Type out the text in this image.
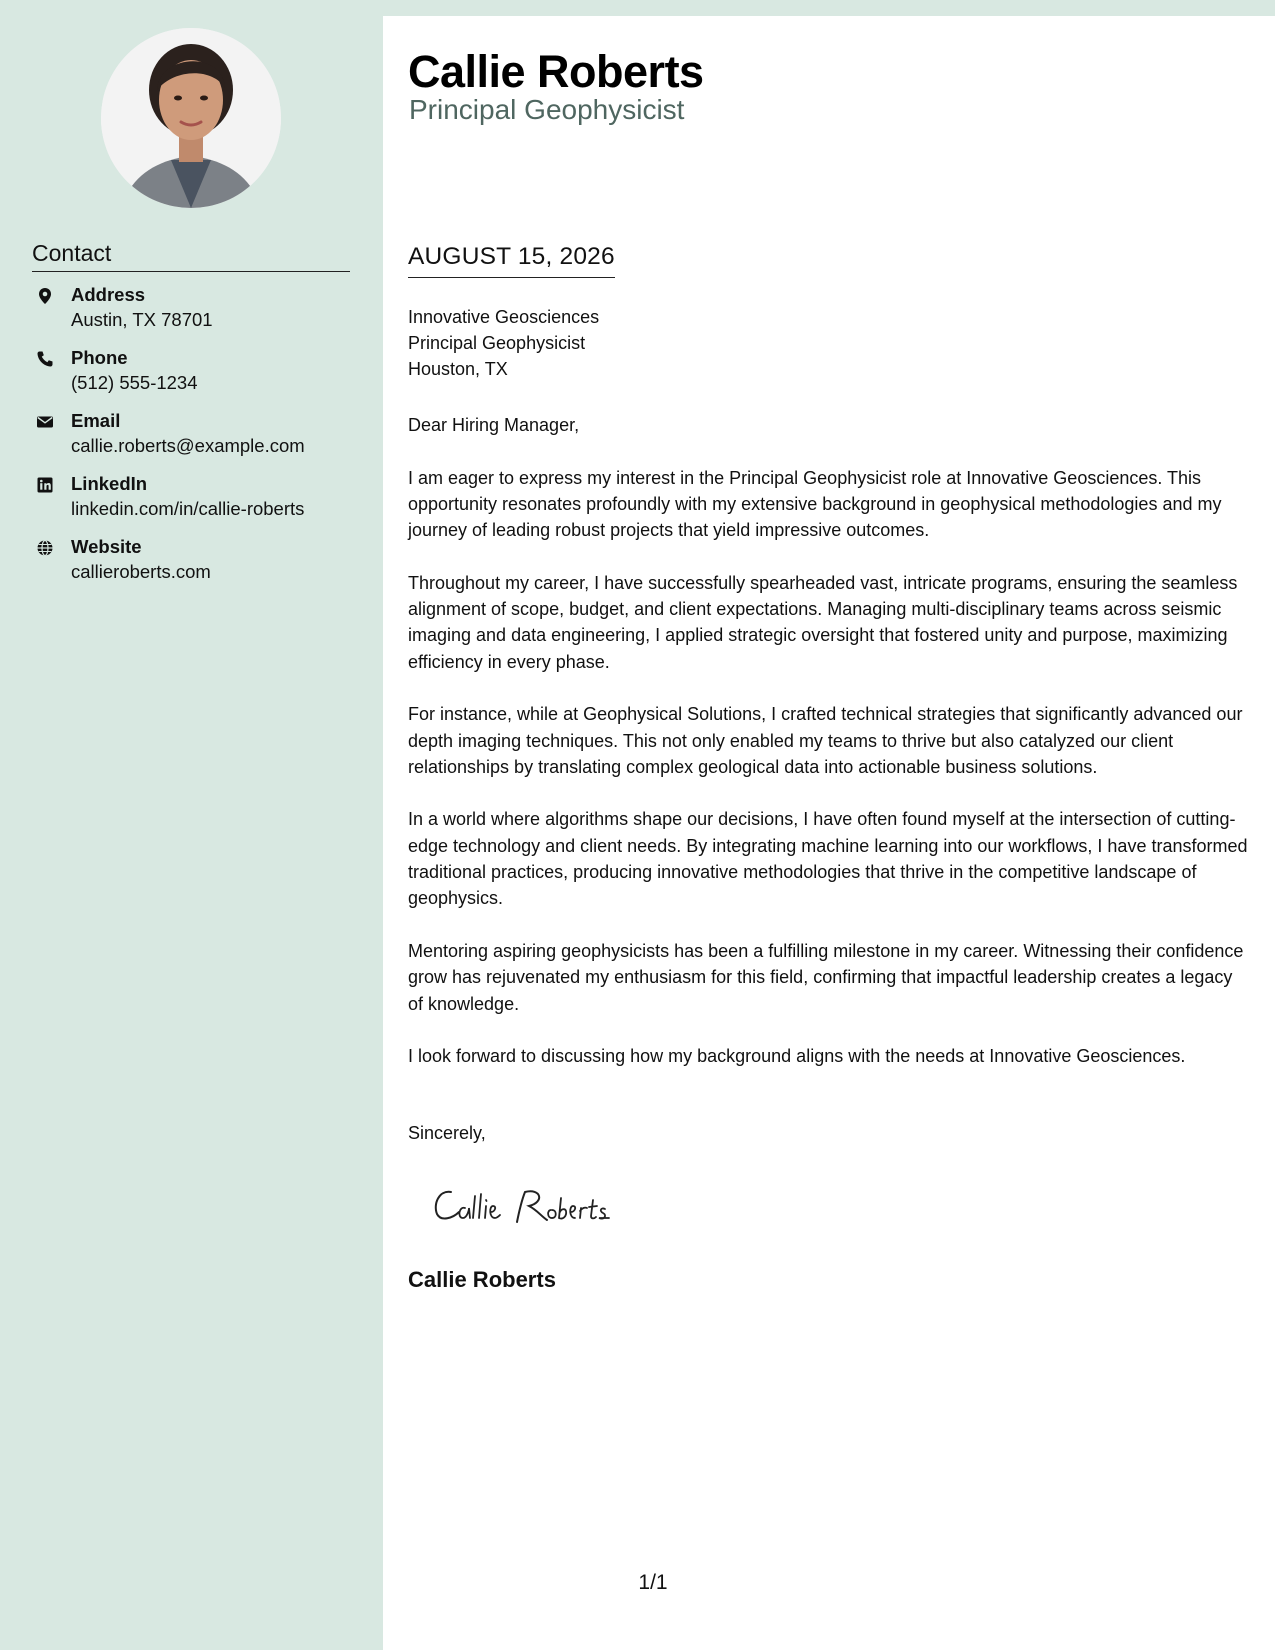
Contact
Address
Austin, TX 78701
Phone
(512) 555-1234
Email
callie.roberts@example.com
LinkedIn
linkedin.com/in/callie-roberts
Website
callieroberts.com
Callie Roberts
Principal Geophysicist
AUGUST 15, 2026
Innovative Geosciences
Principal Geophysicist
Houston, TX

Dear Hiring Manager,

I am eager to express my interest in the Principal Geophysicist role at Innovative Geosciences. This opportunity resonates profoundly with my extensive background in geophysical methodologies and my journey of leading robust projects that yield impressive outcomes.

Throughout my career, I have successfully spearheaded vast, intricate programs, ensuring the seamless alignment of scope, budget, and client expectations. Managing multi-disciplinary teams across seismic imaging and data engineering, I applied strategic oversight that fostered unity and purpose, maximizing efficiency in every phase.

For instance, while at Geophysical Solutions, I crafted technical strategies that significantly advanced our depth imaging techniques. This not only enabled my teams to thrive but also catalyzed our client relationships by translating complex geological data into actionable business solutions.

In a world where algorithms shape our decisions, I have often found myself at the intersection of cutting-edge technology and client needs. By integrating machine learning into our workflows, I have transformed traditional practices, producing innovative methodologies that thrive in the competitive landscape of geophysics.

Mentoring aspiring geophysicists has been a fulfilling milestone in my career. Witnessing their confidence grow has rejuvenated my enthusiasm for this field, confirming that impactful leadership creates a legacy of knowledge.

I look forward to discussing how my background aligns with the needs at Innovative Geosciences.

Sincerely,
Callie Roberts
1/1
